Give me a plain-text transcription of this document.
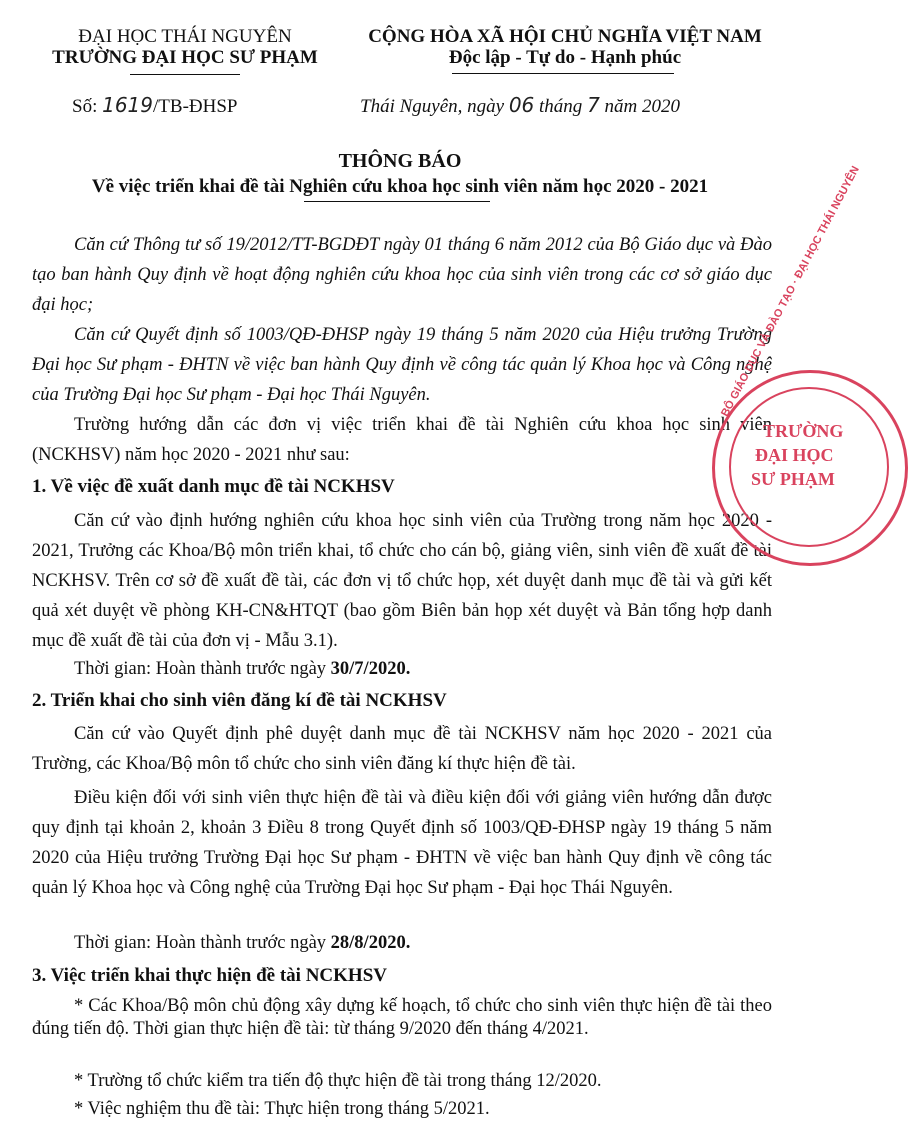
ĐẠI HỌC THÁI NGUYÊN
TRƯỜNG ĐẠI HỌC SƯ PHẠM
CỘNG HÒA XÃ HỘI CHỦ NGHĨA VIỆT NAM
Độc lập - Tự do - Hạnh phúc
Số: 1619/TB-ĐHSP	Thái Nguyên, ngày 06 tháng 7 năm 2020
THÔNG BÁO
Về việc triển khai đề tài Nghiên cứu khoa học sinh viên năm học 2020 - 2021
Căn cứ Thông tư số 19/2012/TT-BGDĐT ngày 01 tháng 6 năm 2012 của Bộ Giáo dục và Đào tạo ban hành Quy định về hoạt động nghiên cứu khoa học của sinh viên trong các cơ sở giáo dục đại học;
Căn cứ Quyết định số 1003/QĐ-ĐHSP ngày 19 tháng 5 năm 2020 của Hiệu trưởng Trường Đại học Sư phạm - ĐHTN về việc ban hành Quy định về công tác quản lý Khoa học và Công nghệ của Trường Đại học Sư phạm - Đại học Thái Nguyên.
Trường hướng dẫn các đơn vị việc triển khai đề tài Nghiên cứu khoa học sinh viên (NCKHSV) năm học 2020 - 2021 như sau:
1. Về việc đề xuất danh mục đề tài NCKHSV
Căn cứ vào định hướng nghiên cứu khoa học sinh viên của Trường trong năm học 2020 - 2021, Trưởng các Khoa/Bộ môn triển khai, tổ chức cho cán bộ, giảng viên, sinh viên đề xuất đề tài NCKHSV. Trên cơ sở đề xuất đề tài, các đơn vị tổ chức họp, xét duyệt danh mục đề tài và gửi kết quả xét duyệt về phòng KH-CN&HTQT (bao gồm Biên bản họp xét duyệt và Bản tổng hợp danh mục đề xuất đề tài của đơn vị - Mẫu 3.1).
Thời gian: Hoàn thành trước ngày 30/7/2020.
2. Triển khai cho sinh viên đăng kí đề tài NCKHSV
Căn cứ vào Quyết định phê duyệt danh mục đề tài NCKHSV năm học 2020 - 2021 của Trường, các Khoa/Bộ môn tổ chức cho sinh viên đăng kí thực hiện đề tài.
Điều kiện đối với sinh viên thực hiện đề tài và điều kiện đối với giảng viên hướng dẫn được quy định tại khoản 2, khoản 3 Điều 8 trong Quyết định số 1003/QĐ-ĐHSP ngày 19 tháng 5 năm 2020 của Hiệu trưởng Trường Đại học Sư phạm - ĐHTN về việc ban hành Quy định về công tác quản lý Khoa học và Công nghệ của Trường Đại học Sư phạm - Đại học Thái Nguyên.
Thời gian: Hoàn thành trước ngày 28/8/2020.
3. Việc triển khai thực hiện đề tài NCKHSV
* Các Khoa/Bộ môn chủ động xây dựng kế hoạch, tổ chức cho sinh viên thực hiện đề tài theo đúng tiến độ. Thời gian thực hiện đề tài: từ tháng 9/2020 đến tháng 4/2021.
* Trường tổ chức kiểm tra tiến độ thực hiện đề tài trong tháng 12/2020.
* Việc nghiệm thu đề tài: Thực hiện trong tháng 5/2021.
BỘ GIÁO DỤC VÀ ĐÀO TẠO · ĐẠI HỌC THÁI NGUYÊN
TRƯỜNG
ĐẠI HỌC
SƯ PHẠM
